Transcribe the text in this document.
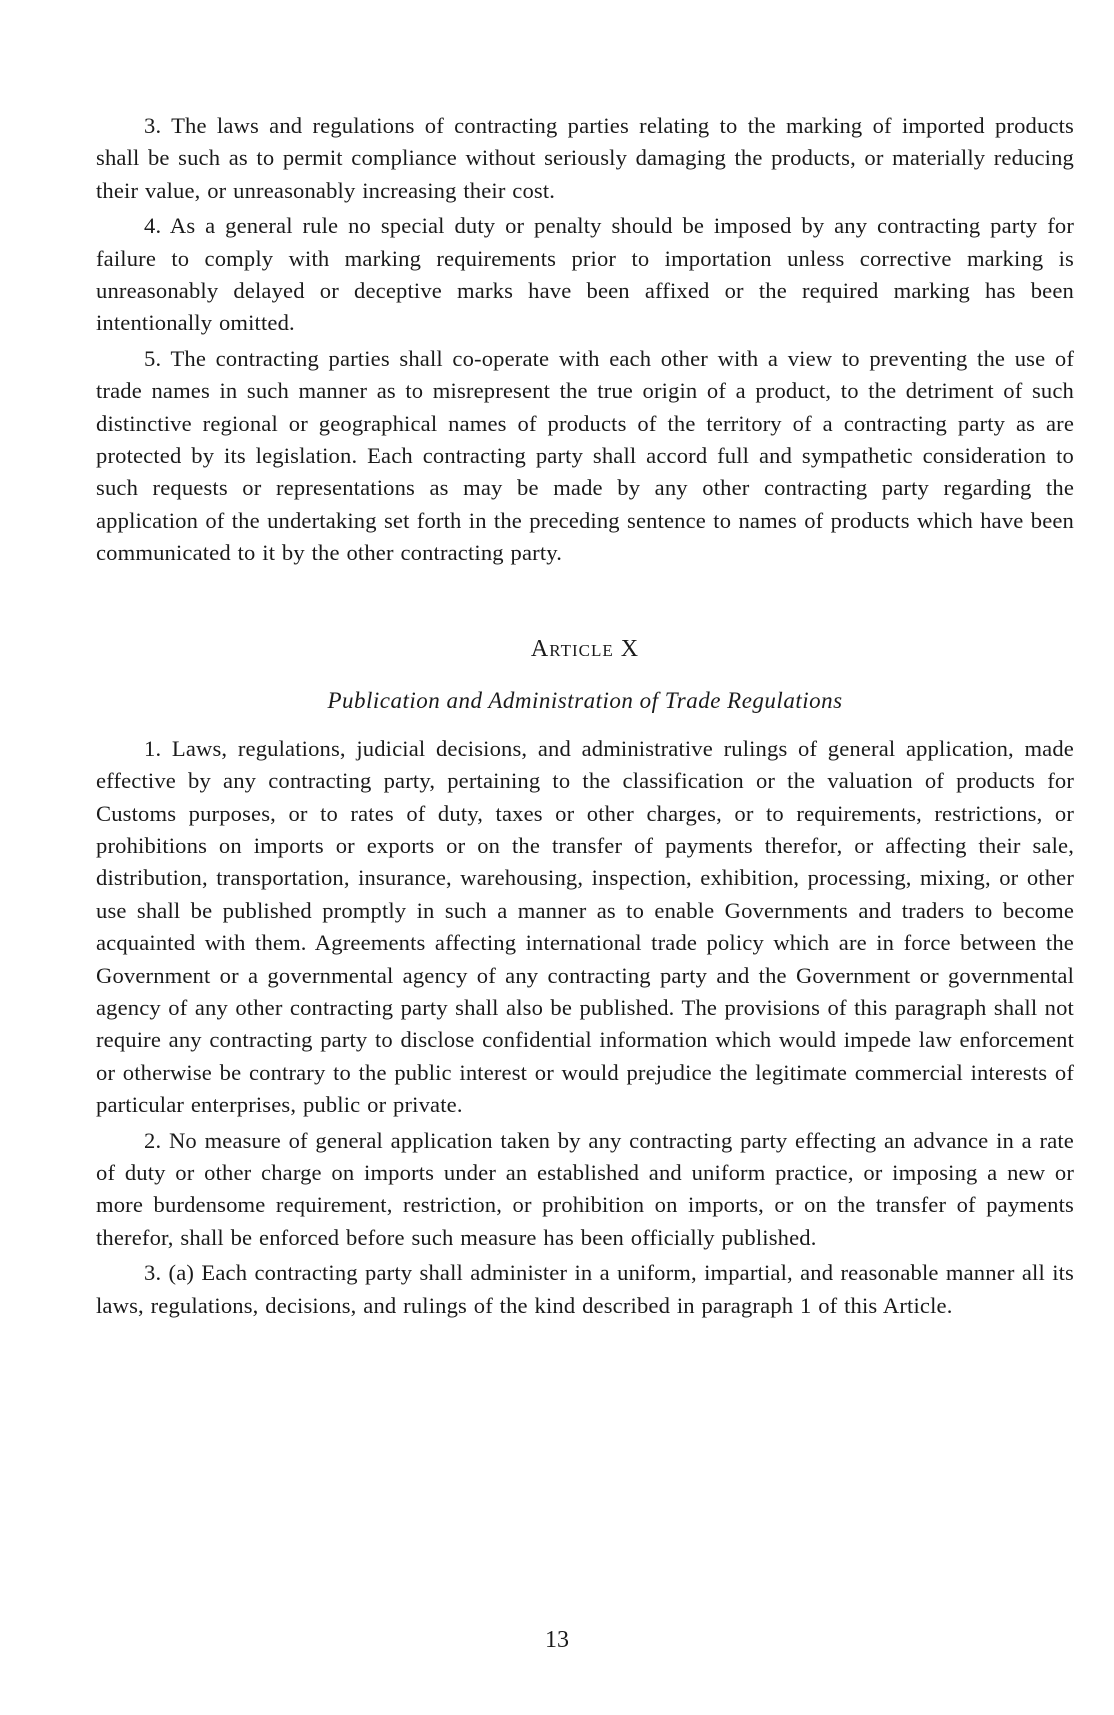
3. The laws and regulations of contracting parties relating to the marking of imported products shall be such as to permit compliance without seriously damaging the products, or materially reducing their value, or unreasonably increasing their cost.

4. As a general rule no special duty or penalty should be imposed by any contracting party for failure to comply with marking requirements prior to importation unless corrective marking is unreasonably delayed or deceptive marks have been affixed or the required marking has been intentionally omitted.

5. The contracting parties shall co-operate with each other with a view to preventing the use of trade names in such manner as to misrepresent the true origin of a product, to the detriment of such distinctive regional or geographical names of products of the territory of a contracting party as are protected by its legislation. Each contracting party shall accord full and sympathetic consideration to such requests or representations as may be made by any other contracting party regarding the application of the undertaking set forth in the preceding sentence to names of products which have been communicated to it by the other contracting party.

Article X
Publication and Administration of Trade Regulations

1. Laws, regulations, judicial decisions, and administrative rulings of general application, made effective by any contracting party, pertaining to the classification or the valuation of products for Customs purposes, or to rates of duty, taxes or other charges, or to requirements, restrictions, or prohibitions on imports or exports or on the transfer of payments therefor, or affecting their sale, distribution, transportation, insurance, warehousing, inspection, exhibition, processing, mixing, or other use shall be published promptly in such a manner as to enable Governments and traders to become acquainted with them. Agreements affecting international trade policy which are in force between the Government or a governmental agency of any contracting party and the Government or governmental agency of any other contracting party shall also be published. The provisions of this paragraph shall not require any contracting party to disclose confidential information which would impede law enforcement or otherwise be contrary to the public interest or would prejudice the legitimate commercial interests of particular enterprises, public or private.

2. No measure of general application taken by any contracting party effecting an advance in a rate of duty or other charge on imports under an established and uniform practice, or imposing a new or more burdensome requirement, restriction, or prohibition on imports, or on the transfer of payments therefor, shall be enforced before such measure has been officially published.

3. (a) Each contracting party shall administer in a uniform, impartial, and reasonable manner all its laws, regulations, decisions, and rulings of the kind described in paragraph 1 of this Article.

13
